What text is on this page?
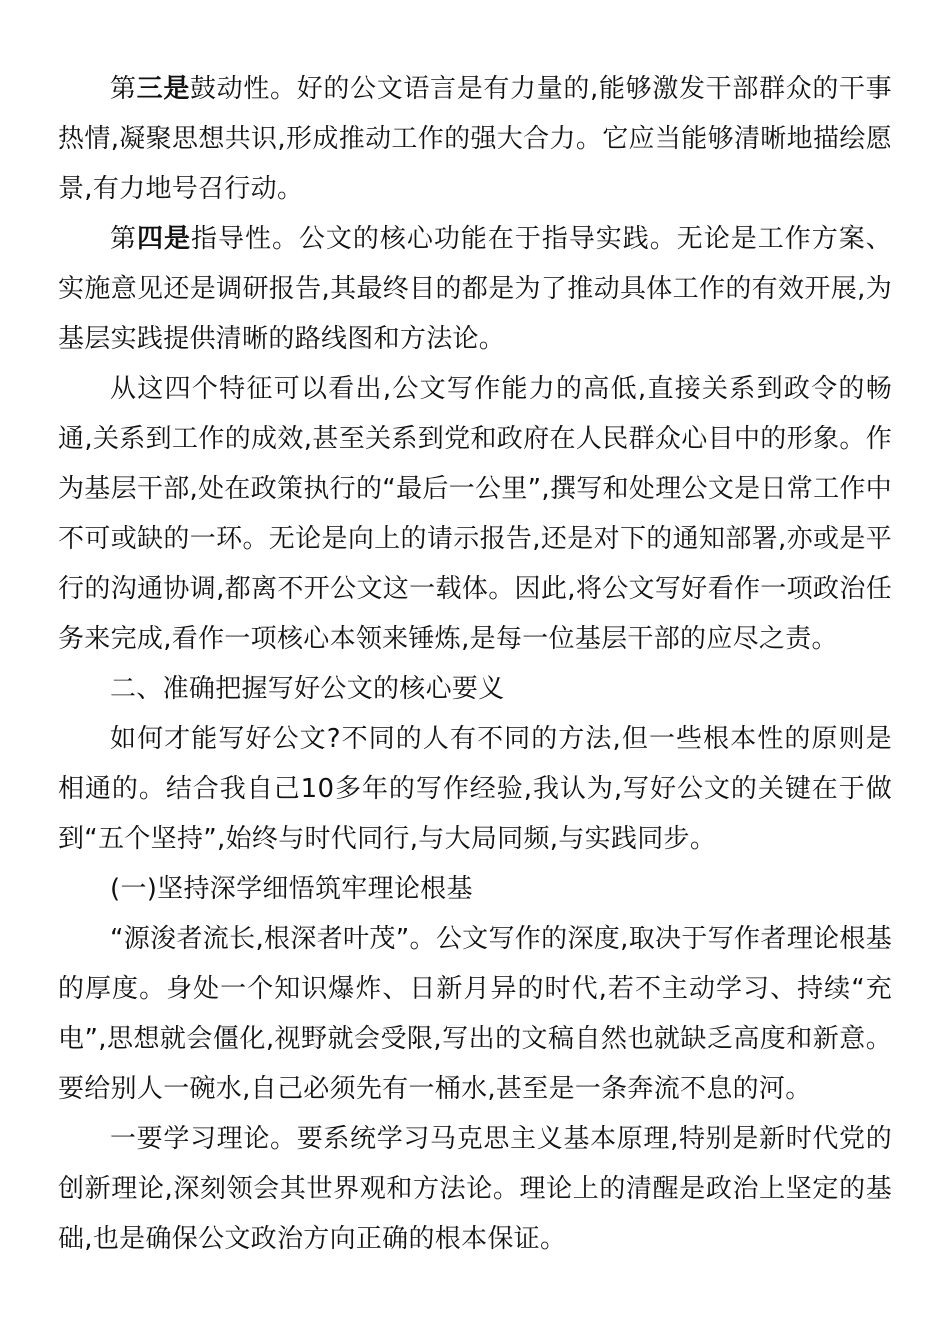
第三是鼓动性。好的公文语言是有力量的,能够激发干部群众的干事热情,凝聚思想共识,形成推动工作的强大合力。它应当能够清晰地描绘愿景,有力地号召行动。

第四是指导性。公文的核心功能在于指导实践。无论是工作方案、实施意见还是调研报告,其最终目的都是为了推动具体工作的有效开展,为基层实践提供清晰的路线图和方法论。

从这四个特征可以看出,公文写作能力的高低,直接关系到政令的畅通,关系到工作的成效,甚至关系到党和政府在人民群众心目中的形象。作为基层干部,处在政策执行的“最后一公里”,撰写和处理公文是日常工作中不可或缺的一环。无论是向上的请示报告,还是对下的通知部署,亦或是平行的沟通协调,都离不开公文这一载体。因此,将公文写好看作一项政治任务来完成,看作一项核心本领来锤炼,是每一位基层干部的应尽之责。

二、准确把握写好公文的核心要义

如何才能写好公文?不同的人有不同的方法,但一些根本性的原则是相通的。结合我自己10多年的写作经验,我认为,写好公文的关键在于做到“五个坚持”,始终与时代同行,与大局同频,与实践同步。

(一)坚持深学细悟筑牢理论根基

“源浚者流长,根深者叶茂”。公文写作的深度,取决于写作者理论根基的厚度。身处一个知识爆炸、日新月异的时代,若不主动学习、持续“充电”,思想就会僵化,视野就会受限,写出的文稿自然也就缺乏高度和新意。要给别人一碗水,自己必须先有一桶水,甚至是一条奔流不息的河。

一要学习理论。要系统学习马克思主义基本原理,特别是新时代党的创新理论,深刻领会其世界观和方法论。理论上的清醒是政治上坚定的基础,也是确保公文政治方向正确的根本保证。
